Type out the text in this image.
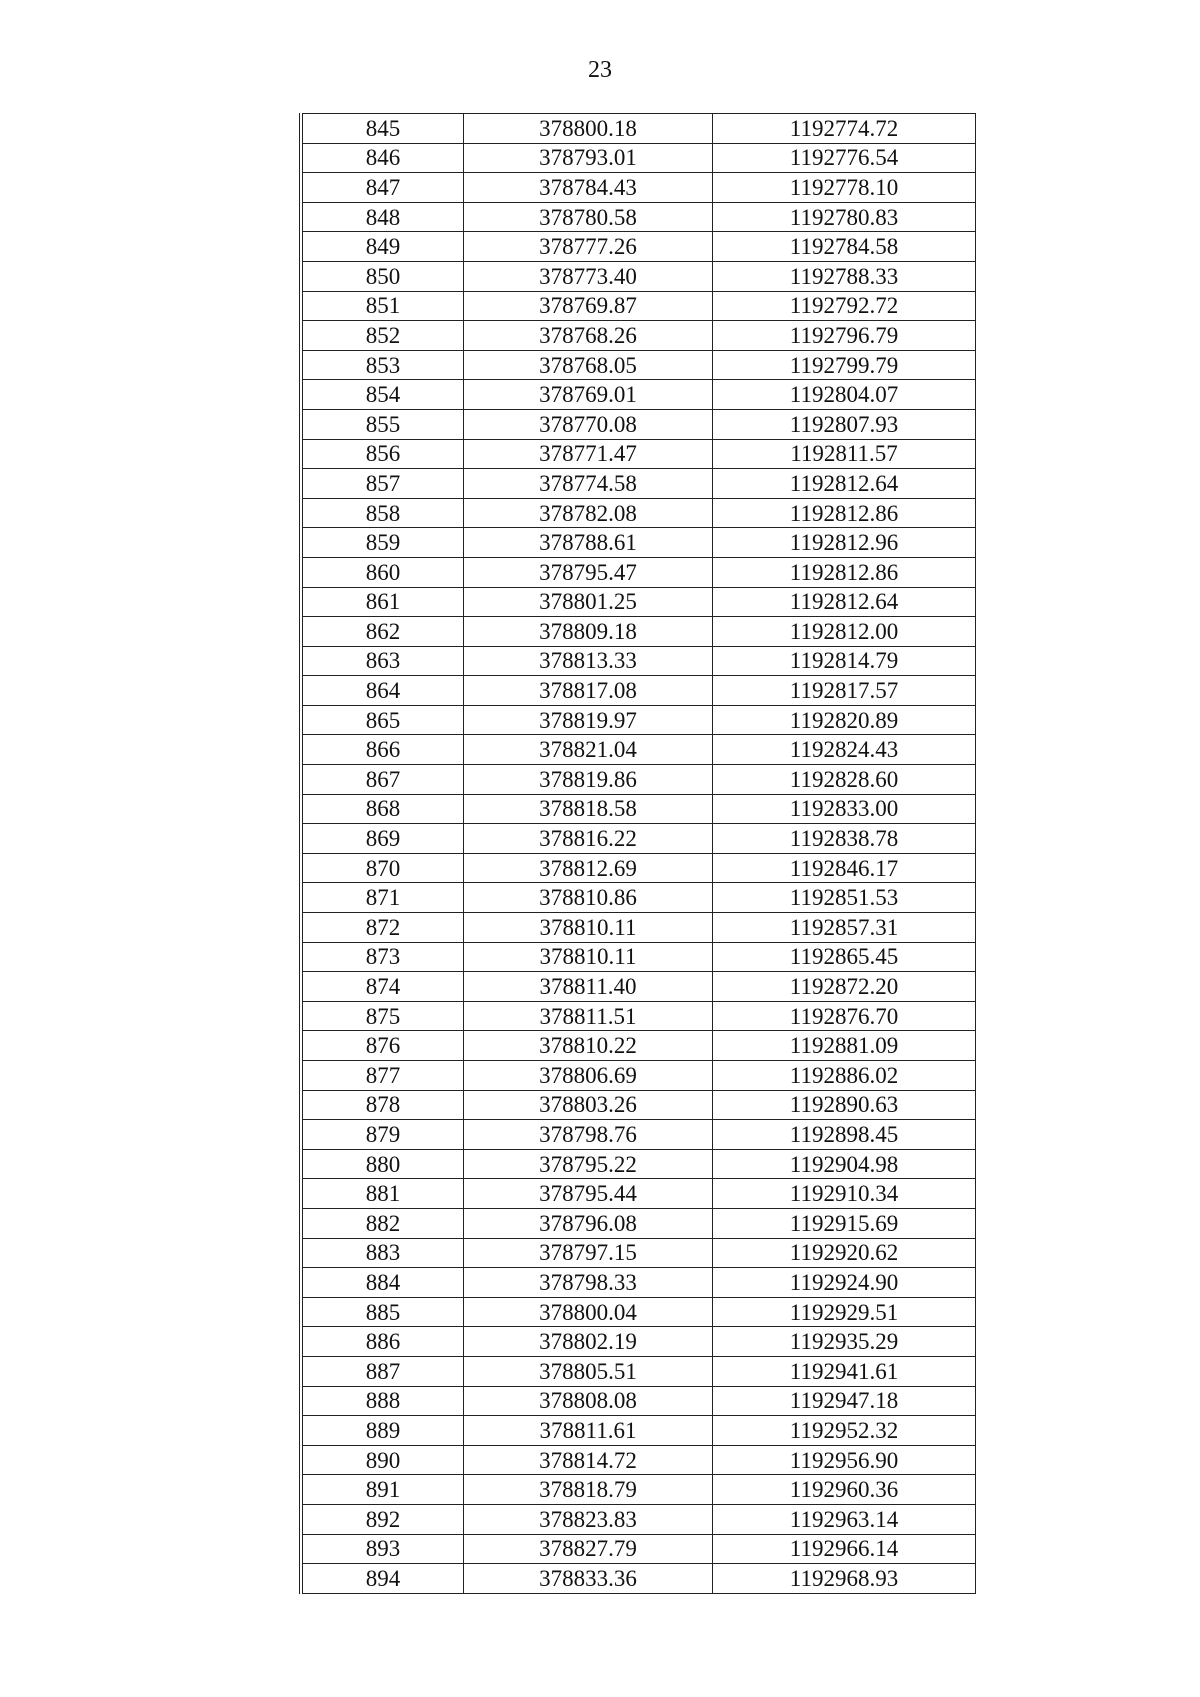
23
845	378800.18	1192774.72
846	378793.01	1192776.54
847	378784.43	1192778.10
848	378780.58	1192780.83
849	378777.26	1192784.58
850	378773.40	1192788.33
851	378769.87	1192792.72
852	378768.26	1192796.79
853	378768.05	1192799.79
854	378769.01	1192804.07
855	378770.08	1192807.93
856	378771.47	1192811.57
857	378774.58	1192812.64
858	378782.08	1192812.86
859	378788.61	1192812.96
860	378795.47	1192812.86
861	378801.25	1192812.64
862	378809.18	1192812.00
863	378813.33	1192814.79
864	378817.08	1192817.57
865	378819.97	1192820.89
866	378821.04	1192824.43
867	378819.86	1192828.60
868	378818.58	1192833.00
869	378816.22	1192838.78
870	378812.69	1192846.17
871	378810.86	1192851.53
872	378810.11	1192857.31
873	378810.11	1192865.45
874	378811.40	1192872.20
875	378811.51	1192876.70
876	378810.22	1192881.09
877	378806.69	1192886.02
878	378803.26	1192890.63
879	378798.76	1192898.45
880	378795.22	1192904.98
881	378795.44	1192910.34
882	378796.08	1192915.69
883	378797.15	1192920.62
884	378798.33	1192924.90
885	378800.04	1192929.51
886	378802.19	1192935.29
887	378805.51	1192941.61
888	378808.08	1192947.18
889	378811.61	1192952.32
890	378814.72	1192956.90
891	378818.79	1192960.36
892	378823.83	1192963.14
893	378827.79	1192966.14
894	378833.36	1192968.93
